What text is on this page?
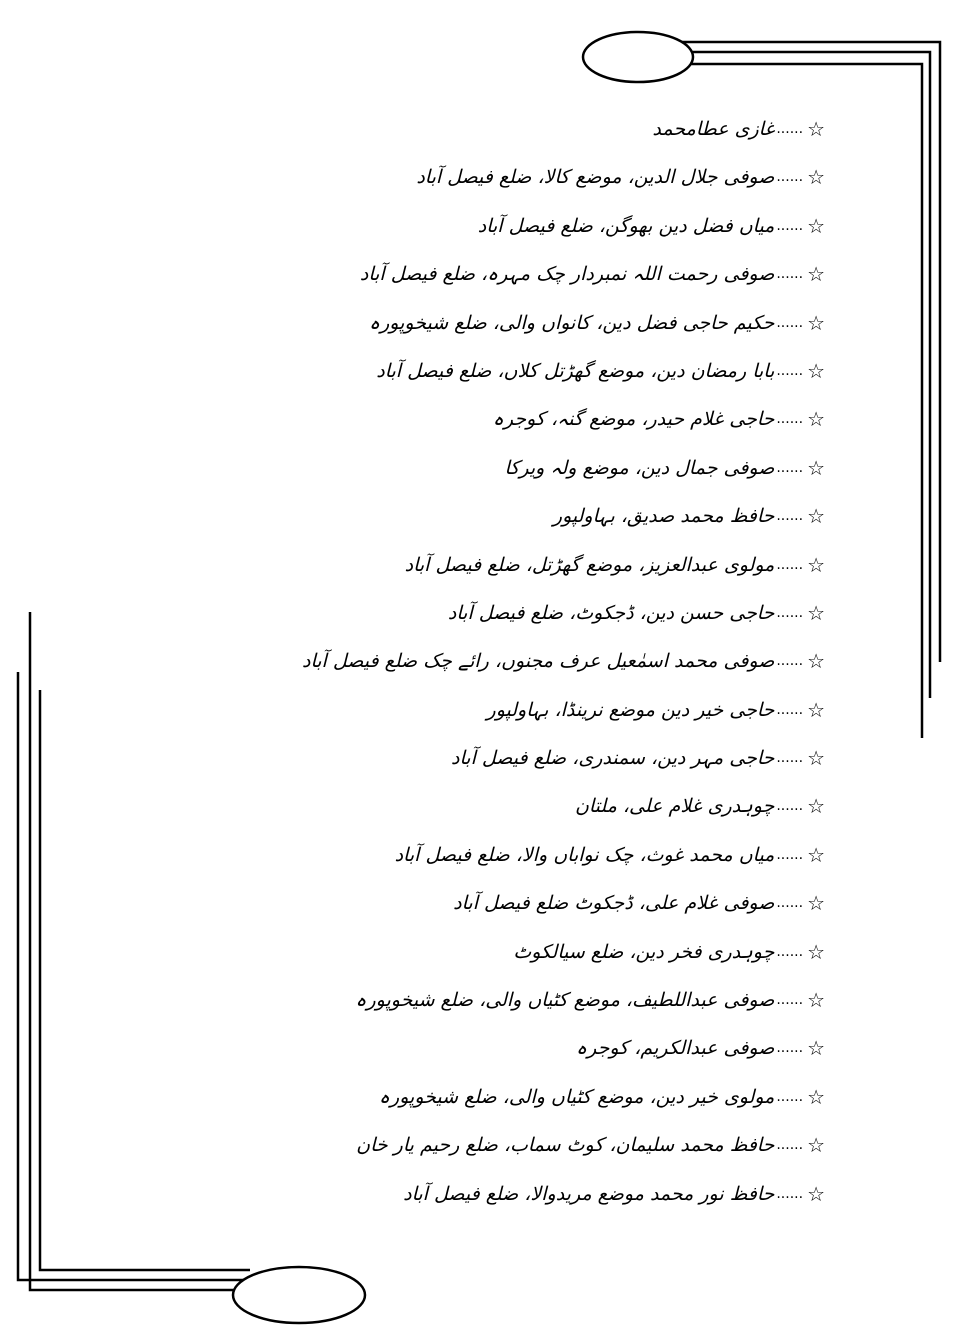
☆
......
غازی عطامحمد
☆
......
صوفی جلال الدین، موضع کالا، ضلع فیصل آباد
☆
......
میاں فضل دین بھوگن، ضلع فیصل آباد
☆
......
صوفی رحمت اللہ نمبردار چک مہرہ، ضلع فیصل آباد
☆
......
حکیم حاجی فضل دین، کانواں والی، ضلع شیخوپورہ
☆
......
بابا رمضان دین، موضع گھڑتل کلاں، ضلع فیصل آباد
☆
......
حاجی غلام حیدر، موضع گنہ، کوجرہ
☆
......
صوفی جمال دین، موضع ولہ ویرکا
☆
......
حافظ محمد صدیق، بہاولپور
☆
......
مولوی عبدالعزیز، موضع گھڑتل، ضلع فیصل آباد
☆
......
حاجی حسن دین، ڈجکوٹ، ضلع فیصل آباد
☆
......
صوفی محمد اسمٰعیل عرف مجنوں، رائے چک ضلع فیصل آباد
☆
......
حاجی خیر دین موضع نرینڈا، بہاولپور
☆
......
حاجی مہر دین، سمندری، ضلع فیصل آباد
☆
......
چوہدری غلام علی، ملتان
☆
......
میاں محمد غوث، چک نواباں والا، ضلع فیصل آباد
☆
......
صوفی غلام علی، ڈجکوٹ ضلع فیصل آباد
☆
......
چوہدری فخر دین، ضلع سیالکوٹ
☆
......
صوفی عبداللطیف، موضع کٹیاں والی، ضلع شیخوپورہ
☆
......
صوفی عبدالکریم، کوجرہ
☆
......
مولوی خیر دین، موضع کٹیاں والی، ضلع شیخوپورہ
☆
......
حافظ محمد سلیمان، کوٹ سماب، ضلع رحیم یار خان
☆
......
حافظ نور محمد موضع مریدوالا، ضلع فیصل آباد
